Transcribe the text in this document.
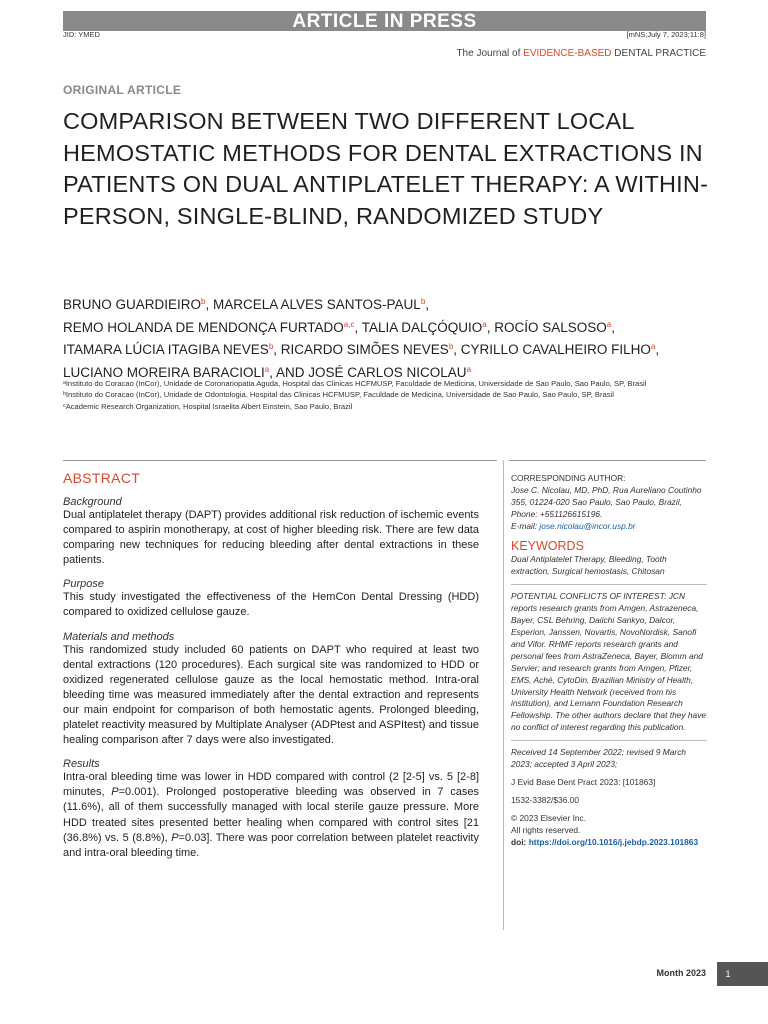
ARTICLE IN PRESS
JID: YMED	[mNS;July 7, 2023;11:8]
The Journal of EVIDENCE-BASED DENTAL PRACTICE
ORIGINAL ARTICLE
COMPARISON BETWEEN TWO DIFFERENT LOCAL HEMOSTATIC METHODS FOR DENTAL EXTRACTIONS IN PATIENTS ON DUAL ANTIPLATELET THERAPY: A WITHIN-PERSON, SINGLE-BLIND, RANDOMIZED STUDY
BRUNO GUARDIEIRO$^b$, MARCELA ALVES SANTOS-PAUL$^b$,
REMO HOLANDA DE MENDONÇA FURTADO$^{a,c}$, TALIA DALÇÓQUIO$^a$, ROCÍO SALSOSO$^a$,
ITAMARA LÚCIA ITAGIBA NEVES$^b$, RICARDO SIMÕES NEVES$^b$, CYRILLO CAVALHEIRO FILHO$^a$, LUCIANO MOREIRA BARACIOLI$^a$, AND JOSÉ CARLOS NICOLAU$^a$
ᵃInstituto do Coracao (InCor), Unidade de Coronariopatia Aguda, Hospital das Clinicas HCFMUSP, Faculdade de Medicina, Universidade de Sao Paulo, Sao Paulo, SP, Brasil
ᵇInstituto do Coracao (InCor), Unidade de Odontologia, Hospital das Clinicas HCFMUSP, Faculdade de Medicina, Universidade de Sao Paulo, Sao Paulo, SP, Brasil
ᶜAcademic Research Organization, Hospital Israelita Albert Einstein, Sao Paulo, Brazil
ABSTRACT
Background

Dual antiplatelet therapy (DAPT) provides additional risk reduction of ischemic events compared to aspirin monotherapy, at cost of higher bleeding risk. There are few data comparing new techniques for reducing bleeding after dental extractions in these patients.

Purpose

This study investigated the effectiveness of the HemCon Dental Dressing (HDD) compared to oxidized cellulose gauze.

Materials and methods

This randomized study included 60 patients on DAPT who required at least two dental extractions (120 procedures). Each surgical site was randomized to HDD or oxidized regenerated cellulose gauze as the local hemostatic method. Intra-oral bleeding time was measured immediately after the dental extraction and represents our main endpoint for comparison of both hemostatic agents. Prolonged bleeding, platelet reactivity measured by Multiplate Analyser (ADPtest and ASPItest) and tissue healing comparison after 7 days were also investigated.

Results

Intra-oral bleeding time was lower in HDD compared with control (2 [2-5] vs. 5 [2-8] minutes, P=0.001). Prolonged postoperative bleeding was observed in 7 cases (11.6%), all of them successfully managed with local sterile gauze pressure. More HDD treated sites presented better healing when compared with control sites [21 (36.8%) vs. 5 (8.8%), P=0.03]. There was poor correlation between platelet reactivity and intra-oral bleeding time.

CORRESPONDING AUTHOR:
Jose C. Nicolau, MD, PhD, Rua Aureliano Coutinho 355, 01224-020 Sao Paulo, Sao Paulo, Brazil, Phone: +551126615196.
E-mail: jose.nicolau@incor.usp.br
KEYWORDS
Dual Antiplatelet Therapy, Bleeding, Tooth extraction, Surgical hemostasis, Chitosan
POTENTIAL CONFLICTS OF INTEREST: JCN reports research grants from Amgen, Astrazeneca, Bayer, CSL Behring, Daiichi Sankyo, Dalcor, Esperion, Janssen, Novartis, NovoNordisk, Sanofi and Vifor. RHMF reports research grants and personal fees from AstraZeneca, Bayer, Biomm and Servier; and research grants from Amgen, Pfizer, EMS, Aché, CytoDin, Brazilian Ministry of Health, University Health Network (received from his institution), and Lemann Foundation Research Fellowship. The other authors declare that they have no conflict of interest regarding this publication.
Received 14 September 2022; revised 9 March 2023; accepted 3 April 2023;
J Evid Base Dent Pract 2023: [101863]
1532-3382/$36.00
© 2023 Elsevier Inc.
All rights reserved.
doi: https://doi.org/10.1016/j.jebdp.2023.101863
Month 2023	1
